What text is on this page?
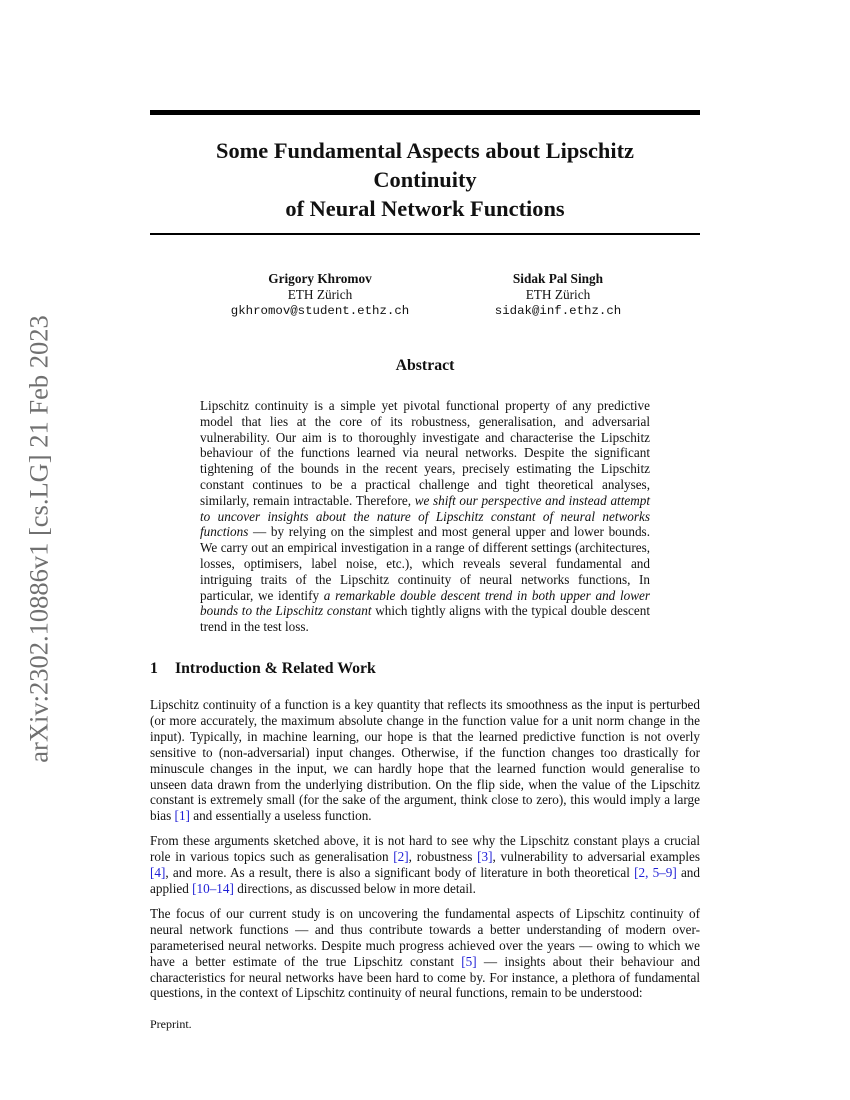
arXiv:2302.10886v1 [cs.LG] 21 Feb 2023
Some Fundamental Aspects about Lipschitz
Continuity
of Neural Network Functions
Grigory Khromov
ETH Zürich
gkhromov@student.ethz.ch
Sidak Pal Singh
ETH Zürich
sidak@inf.ethz.ch
Abstract

Lipschitz continuity is a simple yet pivotal functional property of any predictive model that lies at the core of its robustness, generalisation, and adversarial vulnerability. Our aim is to thoroughly investigate and characterise the Lipschitz behaviour of the functions learned via neural networks. Despite the significant tightening of the bounds in the recent years, precisely estimating the Lipschitz constant continues to be a practical challenge and tight theoretical analyses, similarly, remain intractable. Therefore, we shift our perspective and instead attempt to uncover insights about the nature of Lipschitz constant of neural networks functions — by relying on the simplest and most general upper and lower bounds. We carry out an empirical investigation in a range of different settings (architectures, losses, optimisers, label noise, etc.), which reveals several fundamental and intriguing traits of the Lipschitz continuity of neural networks functions, In particular, we identify a remarkable double descent trend in both upper and lower bounds to the Lipschitz constant which tightly aligns with the typical double descent trend in the test loss.

1 Introduction & Related Work

Lipschitz continuity of a function is a key quantity that reflects its smoothness as the input is perturbed (or more accurately, the maximum absolute change in the function value for a unit norm change in the input). Typically, in machine learning, our hope is that the learned predictive function is not overly sensitive to (non-adversarial) input changes. Otherwise, if the function changes too drastically for minuscule changes in the input, we can hardly hope that the learned function would generalise to unseen data drawn from the underlying distribution. On the flip side, when the value of the Lipschitz constant is extremely small (for the sake of the argument, think close to zero), this would imply a large bias [1] and essentially a useless function.

From these arguments sketched above, it is not hard to see why the Lipschitz constant plays a crucial role in various topics such as generalisation [2], robustness [3], vulnerability to adversarial examples [4], and more. As a result, there is also a significant body of literature in both theoretical [2, 5–9] and applied [10–14] directions, as discussed below in more detail.

The focus of our current study is on uncovering the fundamental aspects of Lipschitz continuity of neural network functions — and thus contribute towards a better understanding of modern over-parameterised neural networks. Despite much progress achieved over the years — owing to which we have a better estimate of the true Lipschitz constant [5] — insights about their behaviour and characteristics for neural networks have been hard to come by. For instance, a plethora of fundamental questions, in the context of Lipschitz continuity of neural functions, remain to be understood:

Preprint.
